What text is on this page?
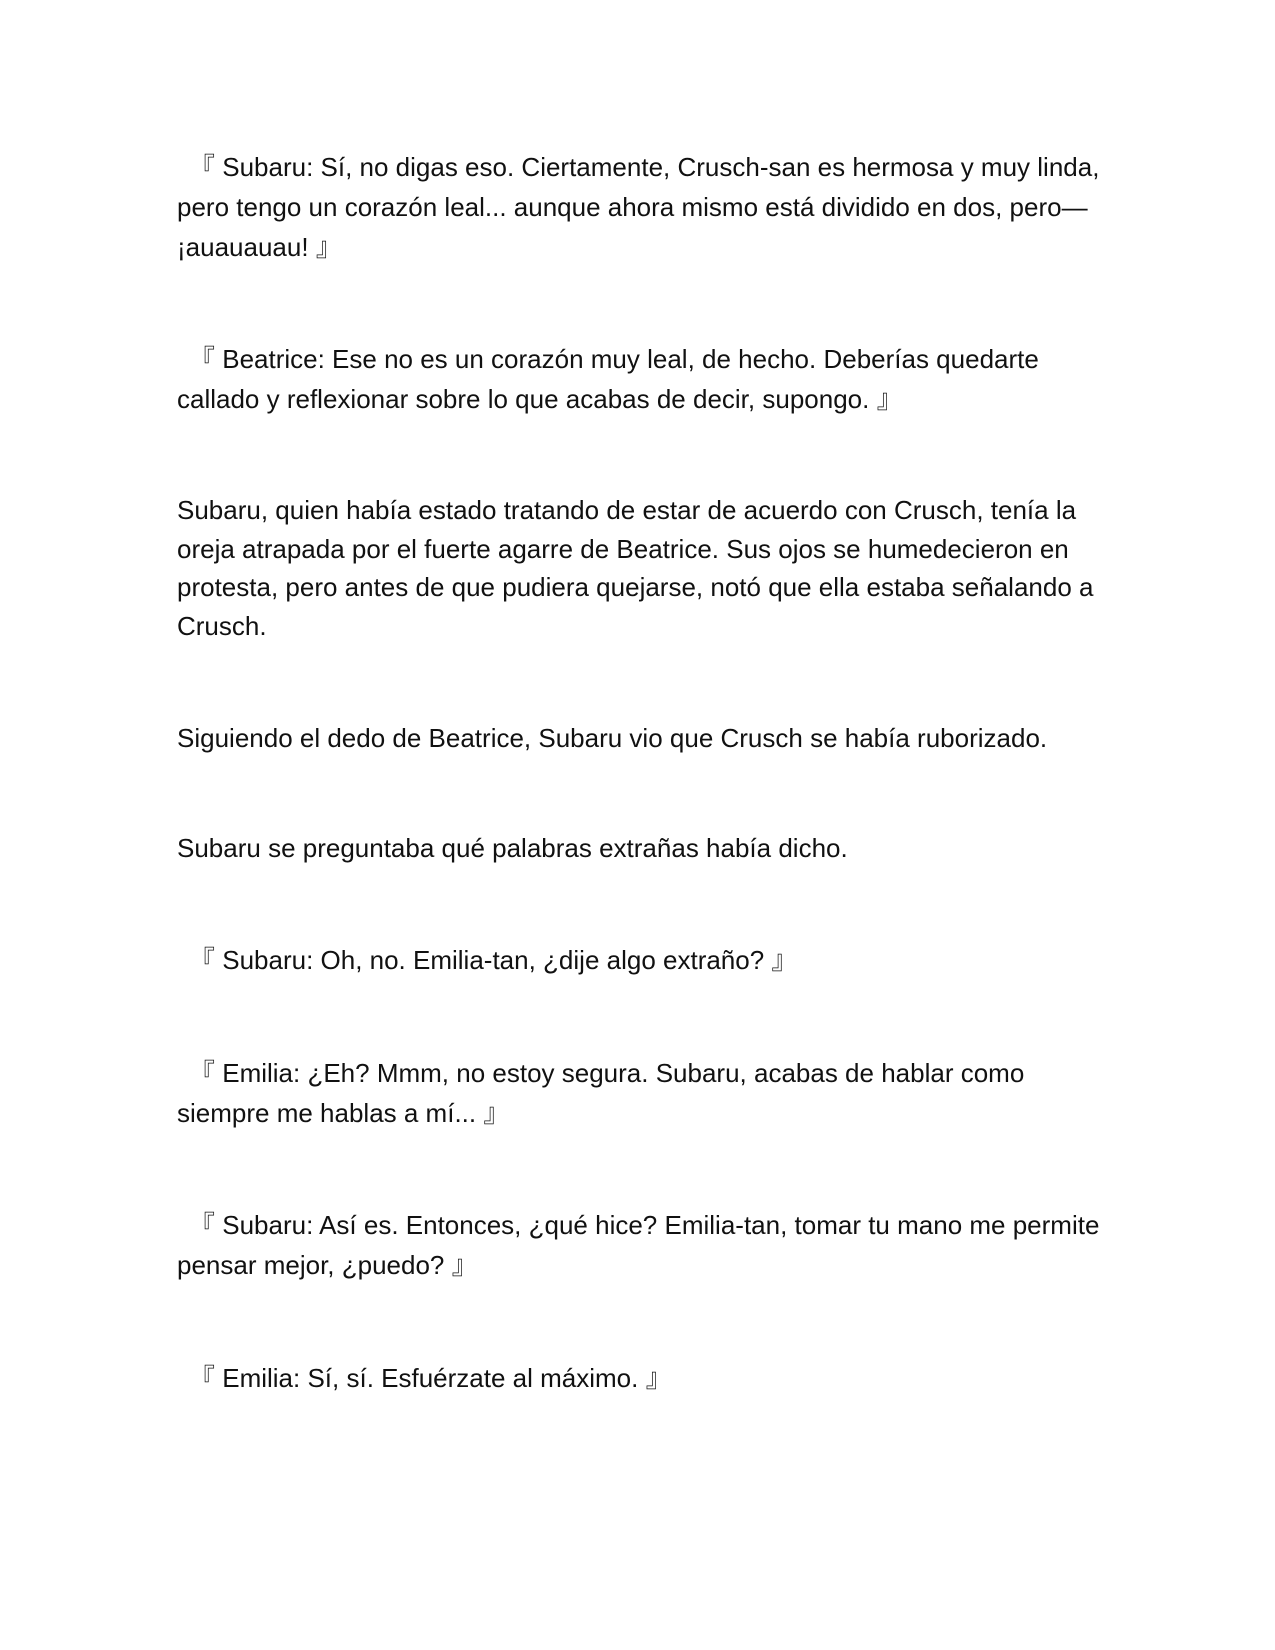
『 Subaru: Sí, no digas eso. Ciertamente, Crusch-san es hermosa y muy linda, pero tengo un corazón leal... aunque ahora mismo está dividido en dos, pero—¡auauauau! 』

『 Beatrice: Ese no es un corazón muy leal, de hecho. Deberías quedarte callado y reflexionar sobre lo que acabas de decir, supongo. 』

Subaru, quien había estado tratando de estar de acuerdo con Crusch, tenía la oreja atrapada por el fuerte agarre de Beatrice. Sus ojos se humedecieron en protesta, pero antes de que pudiera quejarse, notó que ella estaba señalando a Crusch.

Siguiendo el dedo de Beatrice, Subaru vio que Crusch se había ruborizado.

Subaru se preguntaba qué palabras extrañas había dicho.

『 Subaru: Oh, no. Emilia-tan, ¿dije algo extraño? 』

『 Emilia: ¿Eh? Mmm, no estoy segura. Subaru, acabas de hablar como siempre me hablas a mí... 』

『 Subaru: Así es. Entonces, ¿qué hice? Emilia-tan, tomar tu mano me permite pensar mejor, ¿puedo? 』

『 Emilia: Sí, sí. Esfuérzate al máximo. 』
